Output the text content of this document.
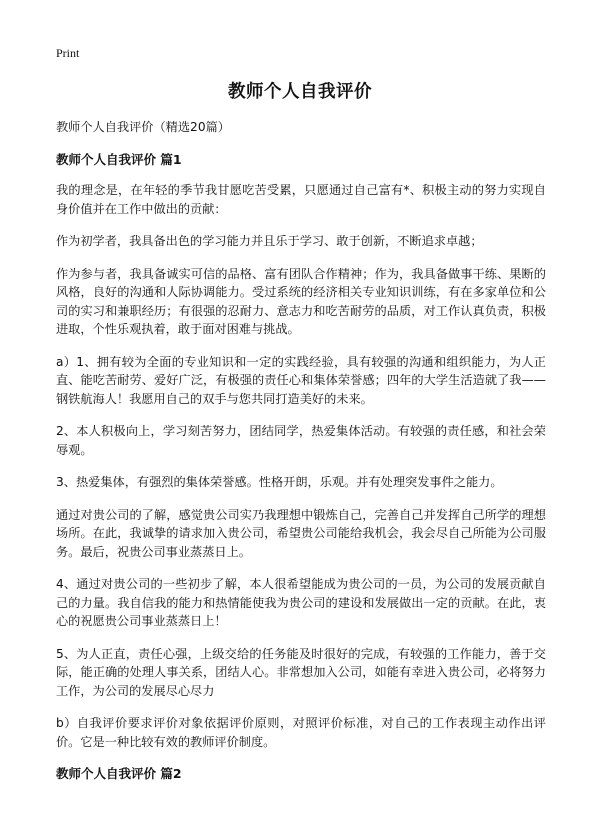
Print
教师个人自我评价

教师个人自我评价（精选20篇）

教师个人自我评价 篇1

我的理念是，在年轻的季节我甘愿吃苦受累，只愿通过自己富有*、积极主动的努力实现自身价值并在工作中做出的贡献：

作为初学者，我具备出色的学习能力并且乐于学习、敢于创新，不断追求卓越；

作为参与者，我具备诚实可信的品格、富有团队合作精神；作为，我具备做事干练、果断的风格，良好的沟通和人际协调能力。受过系统的经济相关专业知识训练，有在多家单位和公司的实习和兼职经历；有很强的忍耐力、意志力和吃苦耐劳的品质，对工作认真负责，积极进取，个性乐观执着，敢于面对困难与挑战。

a）1、拥有较为全面的专业知识和一定的实践经验，具有较强的沟通和组织能力，为人正直、能吃苦耐劳、爱好广泛，有极强的责任心和集体荣誉感；四年的大学生活造就了我——钢铁航海人！我愿用自己的双手与您共同打造美好的未来。

2、本人积极向上，学习刻苦努力，团结同学，热爱集体活动。有较强的责任感，和社会荣辱观。

3、热爱集体，有强烈的集体荣誉感。性格开朗，乐观。并有处理突发事件之能力。

通过对贵公司的了解，感觉贵公司实乃我理想中锻炼自己，完善自己并发挥自己所学的理想场所。在此，我诚挚的请求加入贵公司，希望贵公司能给我机会，我会尽自己所能为公司服务。最后，祝贵公司事业蒸蒸日上。

4、通过对贵公司的一些初步了解，本人很希望能成为贵公司的一员，为公司的发展贡献自己的力量。我自信我的能力和热情能使我为贵公司的建设和发展做出一定的贡献。在此，衷心的祝愿贵公司事业蒸蒸日上！

5、为人正直，责任心强，上级交给的任务能及时很好的完成，有较强的工作能力，善于交际，能正确的处理人事关系，团结人心。非常想加入公司，如能有幸进入贵公司，必将努力工作，为公司的发展尽心尽力

b）自我评价要求评价对象依据评价原则，对照评价标准，对自己的工作表现主动作出评价。它是一种比较有效的教师评价制度。

教师个人自我评价 篇2
